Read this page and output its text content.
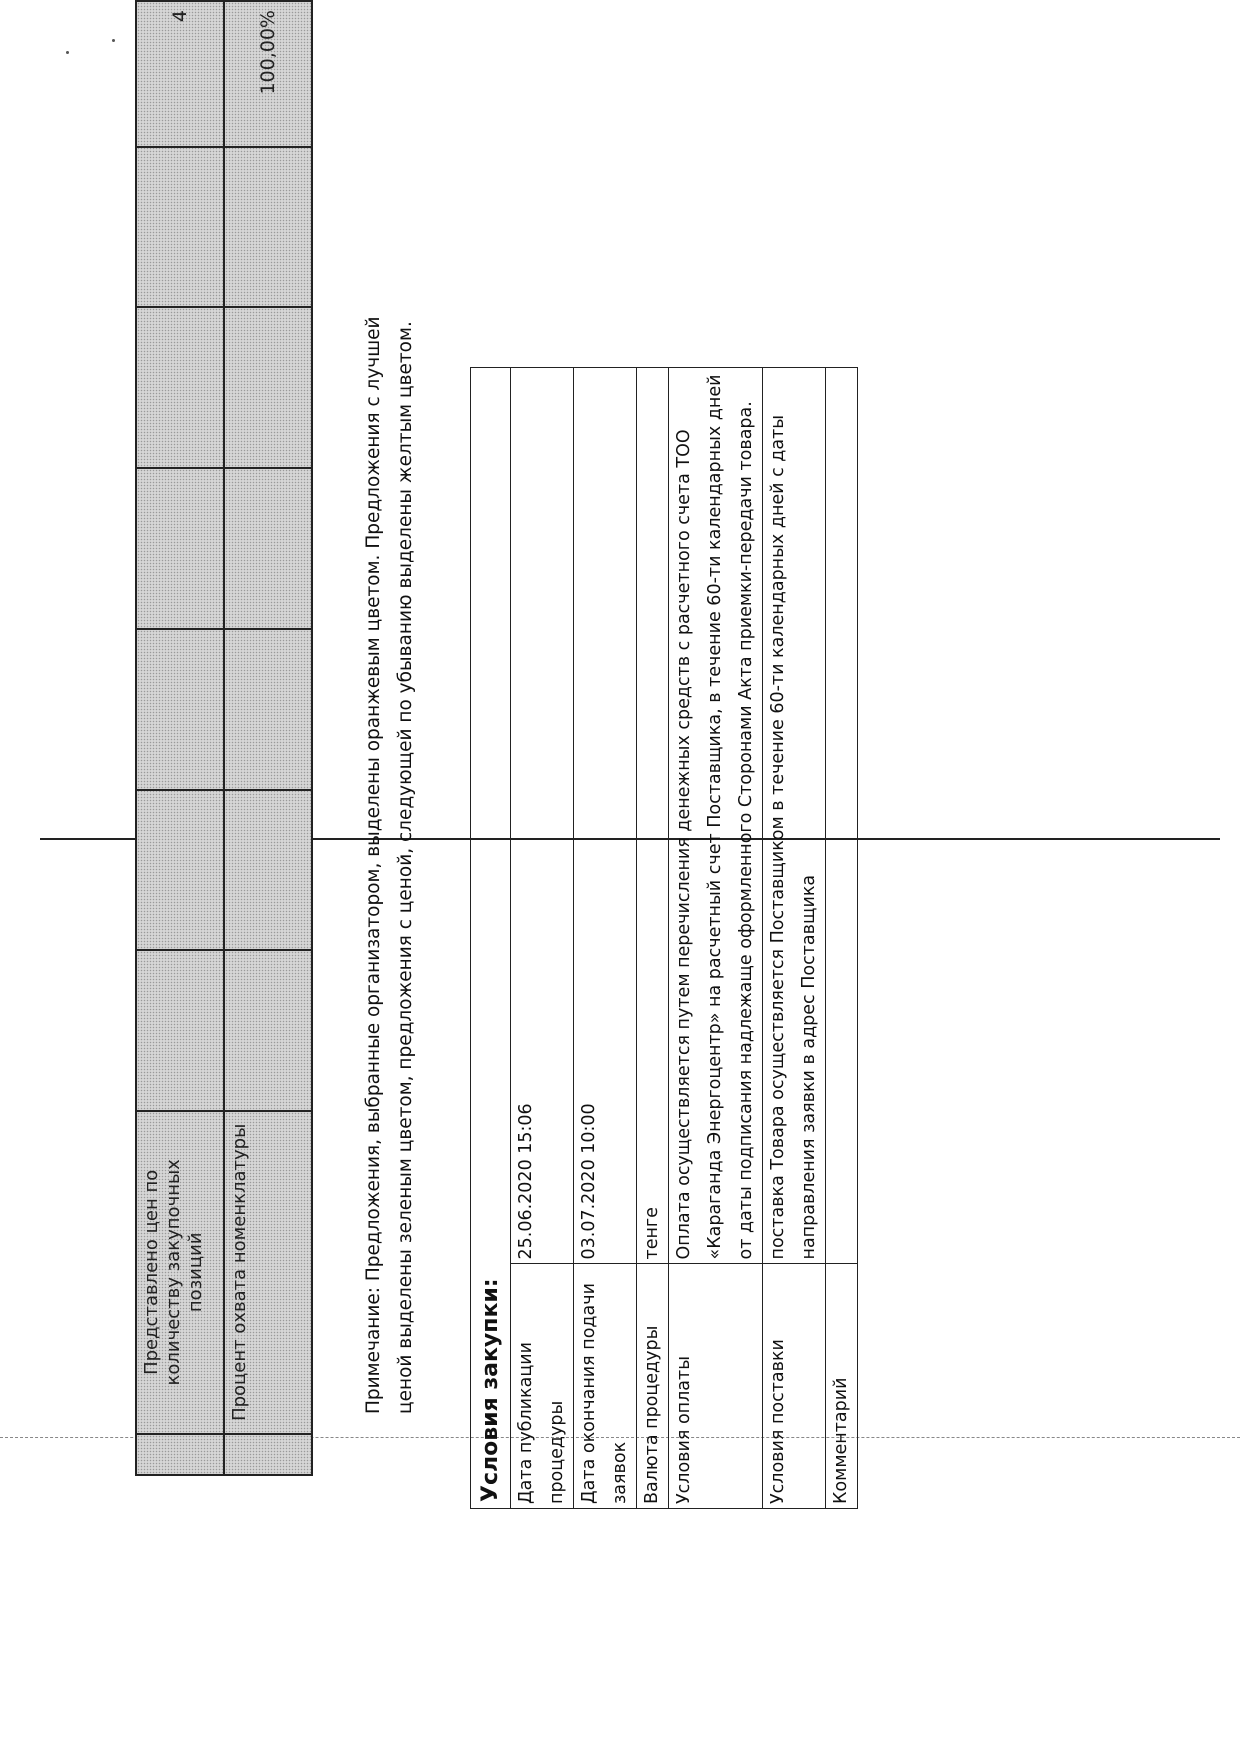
	Представлено цен по количеству закупочных позиций							4
	Процент охвата номенклатуры							100,00%
Примечание: Предложения, выбранные организатором, выделены оранжевым цветом. Предложения с лучшей ценой выделены зеленым цветом, предложения с ценой, следующей по убыванию выделены желтым цветом.	Условия закупки:	
Дата публикации процедуры	25.06.2020 15:06
Дата окончания подачи заявок	03.07.2020 10:00
Валюта процедуры	тенге
Условия оплаты	Оплата осуществляется путем перечисления денежных средств с расчетного счета ТОО «Караганда Энергоцентр» на расчетный счет Поставщика, в течение 60-ти календарных дней от даты подписания надлежаще оформленного Сторонами Акта приемки-передачи товара.
Условия поставки	поставка Товара осуществляется Поставщиком в течение 60-ти календарных дней с даты направления заявки в адрес Поставщика
Комментарий	
